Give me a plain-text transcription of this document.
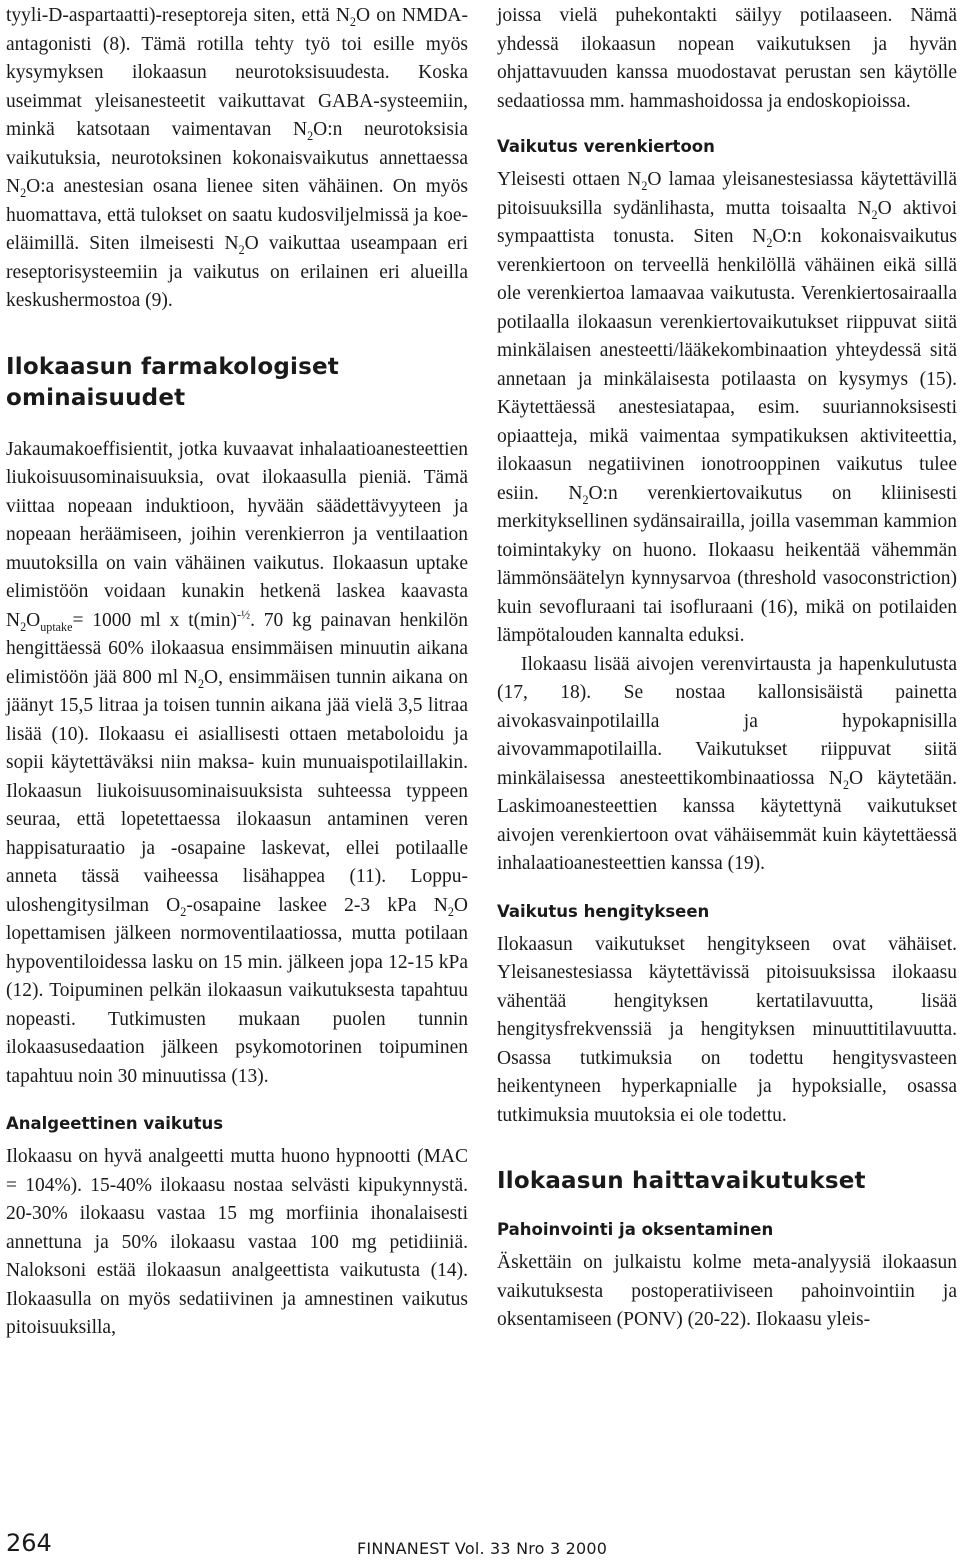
tyyli-D-aspartaatti)-reseptoreja siten, että $N_2O$ on NMDA-antagonisti (8). Tämä rotilla tehty työ toi esille myös kysymyksen ilokaasun neurotoksisuudesta. Koska useimmat yleisanesteetit vaikuttavat GABA-systeemiin, minkä katsotaan vaimentavan $N_2O:n$ neurotoksisia vaikutuksia, neurotoksinen kokonaisvaikutus annettaessa $N_2O:a$ anestesian osana lienee siten vähäinen. On myös huomattava, että tulokset on saatu kudosviljelmissä ja koe-eläimillä. Siten ilmeisesti $N_2O$ vaikuttaa useampaan eri reseptorisysteemiin ja vaikutus on erilainen eri alueilla keskushermostoa (9).

Ilokaasun farmakologiset ominaisuudet

Jakaumakoeffisientit, jotka kuvaavat inhalaatioanesteettien liukoisuusominaisuuksia, ovat ilokaasulla pieniä. Tämä viittaa nopeaan induktioon, hyvään säädettävyyteen ja nopeaan heräämiseen, joihin verenkierron ja ventilaation muutoksilla on vain vähäinen vaikutus. Ilokaasun uptake elimistöön voidaan kunakin hetkenä laskea kaavasta $N_2O_{uptake}= 1000$ ml x $t(\min)^{-\frac{1}{2}}$. 70 kg painavan henkilön hengittäessä 60% ilokaasua ensimmäisen minuutin aikana elimistöön jää 800 ml $N_2O$, ensimmäisen tunnin aikana on jäänyt 15,5 litraa ja toisen tunnin aikana jää vielä 3,5 litraa lisää (10). Ilokaasu ei asiallisesti ottaen metaboloidu ja sopii käytettäväksi niin maksa- kuin munuaispotilaillakin. Ilokaasun liukoisuusominaisuuksista suhteessa typpeen seuraa, että lopetettaessa ilokaasun antaminen veren happisaturaatio ja -osapaine laskevat, ellei potilaalle anneta tässä vaiheessa lisähappea (11). Loppu-uloshengitysilman $O_2$-osapaine laskee 2-3 kPa $N_2O$ lopettamisen jälkeen normoventilaatiossa, mutta potilaan hypoventiloidessa lasku on 15 min. jälkeen jopa 12-15 kPa (12). Toipuminen pelkän ilokaasun vaikutuksesta tapahtuu nopeasti. Tutkimusten mukaan puolen tunnin ilokaasusedaation jälkeen psykomotorinen toipuminen tapahtuu noin 30 minuutissa (13).

Analgeettinen vaikutus

Ilokaasu on hyvä analgeetti mutta huono hypnootti (MAC = 104%). 15-40% ilokaasu nostaa selvästi kipukynnystä. 20-30% ilokaasu vastaa 15 mg morfiinia ihonalaisesti annettuna ja 50% ilokaasu vastaa 100 mg petidiiniä. Naloksoni estää ilokaasun analgeettista vaikutusta (14). Ilokaasulla on myös sedatiivinen ja amnestinen vaikutus pitoisuuksilla,

joissa vielä puhekontakti säilyy potilaaseen. Nämä yhdessä ilokaasun nopean vaikutuksen ja hyvän ohjattavuuden kanssa muodostavat perustan sen käytölle sedaatiossa mm. hammashoidossa ja endoskopioissa.

Vaikutus verenkiertoon

Yleisesti ottaen $N_2O$ lamaa yleisanestesiassa käytettävillä pitoisuuksilla sydänlihasta, mutta toisaalta $N_2O$ aktivoi sympaattista tonusta. Siten $N_2O:n$ kokonaisvaikutus verenkiertoon on terveellä henkilöllä vähäinen eikä sillä ole verenkiertoa lamaavaa vaikutusta. Verenkiertosairaalla potilaalla ilokaasun verenkiertovaikutukset riippuvat siitä minkälaisen anesteetti/lääkekombinaation yhteydessä sitä annetaan ja minkälaisesta potilaasta on kysymys (15). Käytettäessä anestesiatapaa, esim. suuriannoksisesti opiaatteja, mikä vaimentaa sympatikuksen aktiviteettia, ilokaasun negatiivinen ionotrooppinen vaikutus tulee esiin. $N_2O:n$ verenkiertovaikutus on kliinisesti merkityksellinen sydänsairailla, joilla vasemman kammion toimintakyky on huono. Ilokaasu heikentää vähemmän lämmönsäätelyn kynnysarvoa (threshold vasoconstriction) kuin sevofluraani tai isofluraani (16), mikä on potilaiden lämpötalouden kannalta eduksi.

Ilokaasu lisää aivojen verenvirtausta ja hapenkulutusta (17, 18). Se nostaa kallonsisäistä painetta aivokasvainpotilailla ja hypokapnisilla aivovammapotilailla. Vaikutukset riippuvat siitä minkälaisessa anesteettikombinaatiossa $N_2O$ käytetään. Laskimoanesteettien kanssa käytettynä vaikutukset aivojen verenkiertoon ovat vähäisemmät kuin käytettäessä inhalaatioanesteettien kanssa (19).

Vaikutus hengitykseen

Ilokaasun vaikutukset hengitykseen ovat vähäiset. Yleisanestesiassa käytettävissä pitoisuuksissa ilokaasu vähentää hengityksen kertatilavuutta, lisää hengitysfrekvenssiä ja hengityksen minuuttitilavuutta. Osassa tutkimuksia on todettu hengitysvasteen heikentyneen hyperkapnialle ja hypoksialle, osassa tutkimuksia muutoksia ei ole todettu.

Ilokaasun haittavaikutukset
Pahoinvointi ja oksentaminen

Äskettäin on julkaistu kolme meta-analyysiä ilokaasun vaikutuksesta postoperatiiviseen pahoinvointiin ja oksentamiseen (PONV) (20-22). Ilokaasu yleis-

264	FINNANEST Vol. 33 Nro 3 2000
